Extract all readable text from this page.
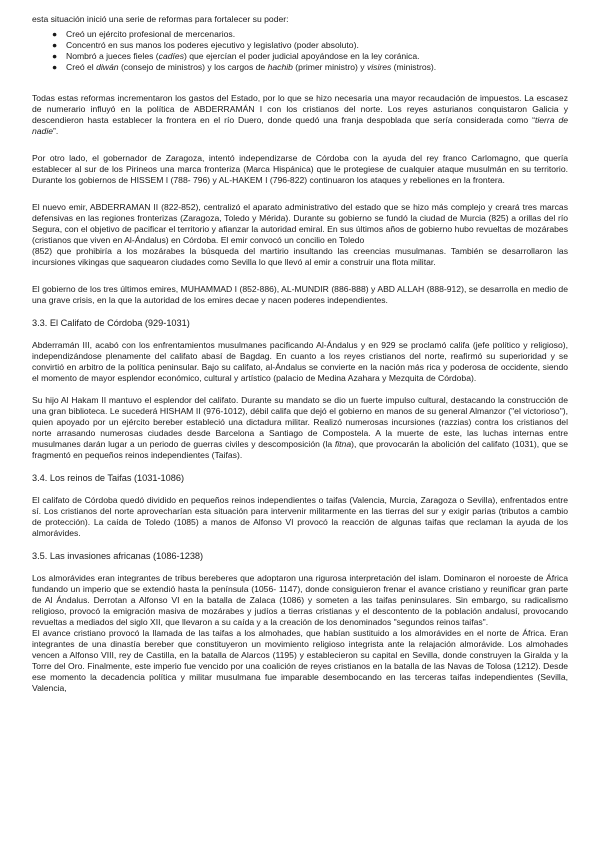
esta situación inició una serie de reformas para fortalecer su poder:

● Creó un ejército profesional de mercenarios.
● Concentró en sus manos los poderes ejecutivo y legislativo (poder absoluto).
● Nombró a jueces fieles (cadíes) que ejercían el poder judicial apoyándose en la ley coránica.
● Creó el diwán (consejo de ministros) y los cargos de hachib (primer ministro) y visires (ministros).

Todas estas reformas incrementaron los gastos del Estado, por lo que se hizo necesaria una mayor recaudación de impuestos. La escasez de numerario influyó en la política de ABDERRAMÁN I con los cristianos del norte. Los reyes asturianos conquistaron Galicia y descendieron hasta establecer la frontera en el río Duero, donde quedó una franja despoblada que sería considerada como “tierra de nadie”.

Por otro lado, el gobernador de Zaragoza, intentó independizarse de Córdoba con la ayuda del rey franco Carlomagno, que quería establecer al sur de los Pirineos una marca fronteriza (Marca Hispánica) que le protegiese de cualquier ataque musulmán en su territorio. Durante los gobiernos de HISSEM I (788- 796) y AL-HAKEM I (796-822) continuaron los ataques y rebeliones en la frontera.

El nuevo emir, ABDERRAMAN II (822-852), centralizó el aparato administrativo del estado que se hizo más complejo y creará tres marcas defensivas en las regiones fronterizas (Zaragoza, Toledo y Mérida). Durante su gobierno se fundó la ciudad de Murcia (825) a orillas del río Segura, con el objetivo de pacificar el territorio y afianzar la autoridad emiral. En sus últimos años de gobierno hubo revueltas de mozárabes (cristianos que viven en Al-Ándalus) en Córdoba. El emir convocó un concilio en Toledo
(852) que prohibiría a los mozárabes la búsqueda del martirio insultando las creencias musulmanas. También se desarrollaron las incursiones vikingas que saquearon ciudades como Sevilla lo que llevó al emir a construir una flota militar.

El gobierno de los tres últimos emires, MUHAMMAD I (852-886), AL-MUNDIR (886-888) y ABD ALLAH (888-912), se desarrolla en medio de una grave crisis, en la que la autoridad de los emires decae y nacen poderes independientes.

3.3. El Califato de Córdoba (929-1031)

Abderramán III, acabó con los enfrentamientos musulmanes pacificando Al-Ándalus y en 929 se proclamó califa (jefe político y religioso), independizándose plenamente del califato abasí de Bagdag. En cuanto a los reyes cristianos del norte, reafirmó su superioridad y se convirtió en arbitro de la política peninsular. Bajo su califato, al-Ándalus se convierte en la nación más rica y poderosa de occidente, siendo el momento de mayor esplendor económico, cultural y artístico (palacio de Medina Azahara y Mezquita de Córdoba).

Su hijo Al Hakam II mantuvo el esplendor del califato. Durante su mandato se dio un fuerte impulso cultural, destacando la construcción de una gran biblioteca. Le sucederá HISHAM II (976-1012), débil califa que dejó el gobierno en manos de su general Almanzor ("el victorioso"), quien apoyado por un ejército bereber estableció una dictadura militar. Realizó numerosas incursiones (razzias) contra los cristianos del norte arrasando numerosas ciudades desde Barcelona a Santiago de Compostela. A la muerte de este, las luchas internas entre musulmanes darán lugar a un periodo de guerras civiles y descomposición (la fitna), que provocarán la abolición del califato (1031), que se fragmentó en pequeños reinos independientes (Taifas).

3.4. Los reinos de Taifas (1031-1086)

El califato de Córdoba quedó dividido en pequeños reinos independientes o taifas (Valencia, Murcia, Zaragoza o Sevilla), enfrentados entre sí. Los cristianos del norte aprovecharían esta situación para intervenir militarmente en las tierras del sur y exigir parias (tributos a cambio de protección). La caída de Toledo (1085) a manos de Alfonso VI provocó la reacción de algunas taifas que reclaman la ayuda de los almorávides.

3.5. Las invasiones africanas (1086-1238)

Los almorávides eran integrantes de tribus bereberes que adoptaron una rigurosa interpretación del islam. Dominaron el noroeste de África fundando un imperio que se extendió hasta la península (1056- 1147), donde consiguieron frenar el avance cristiano y reunificar gran parte de Al Ándalus. Derrotan a Alfonso VI en la batalla de Zalaca (1086) y someten a las taifas peninsulares. Sin embargo, su radicalismo religioso, provocó la emigración masiva de mozárabes y judíos a tierras cristianas y el descontento de la población andalusí, provocando revueltas a mediados del siglo XII, que llevaron a su caída y a la creación de los denominados "segundos reinos taifas".

El avance cristiano provocó la llamada de las taifas a los almohades, que habían sustituido a los almorávides en el norte de África. Eran integrantes de una dinastía bereber que constituyeron un movimiento religioso integrista ante la relajación almorávide. Los almohades vencen a Alfonso VIII, rey de Castilla, en la batalla de Alarcos (1195) y establecieron su capital en Sevilla, donde construyen la Giralda y la Torre del Oro. Finalmente, este imperio fue vencido por una coalición de reyes cristianos en la batalla de las Navas de Tolosa (1212). Desde ese momento la decadencia política y militar musulmana fue imparable desembocando en las terceras taifas independientes (Sevilla, Valencia,
